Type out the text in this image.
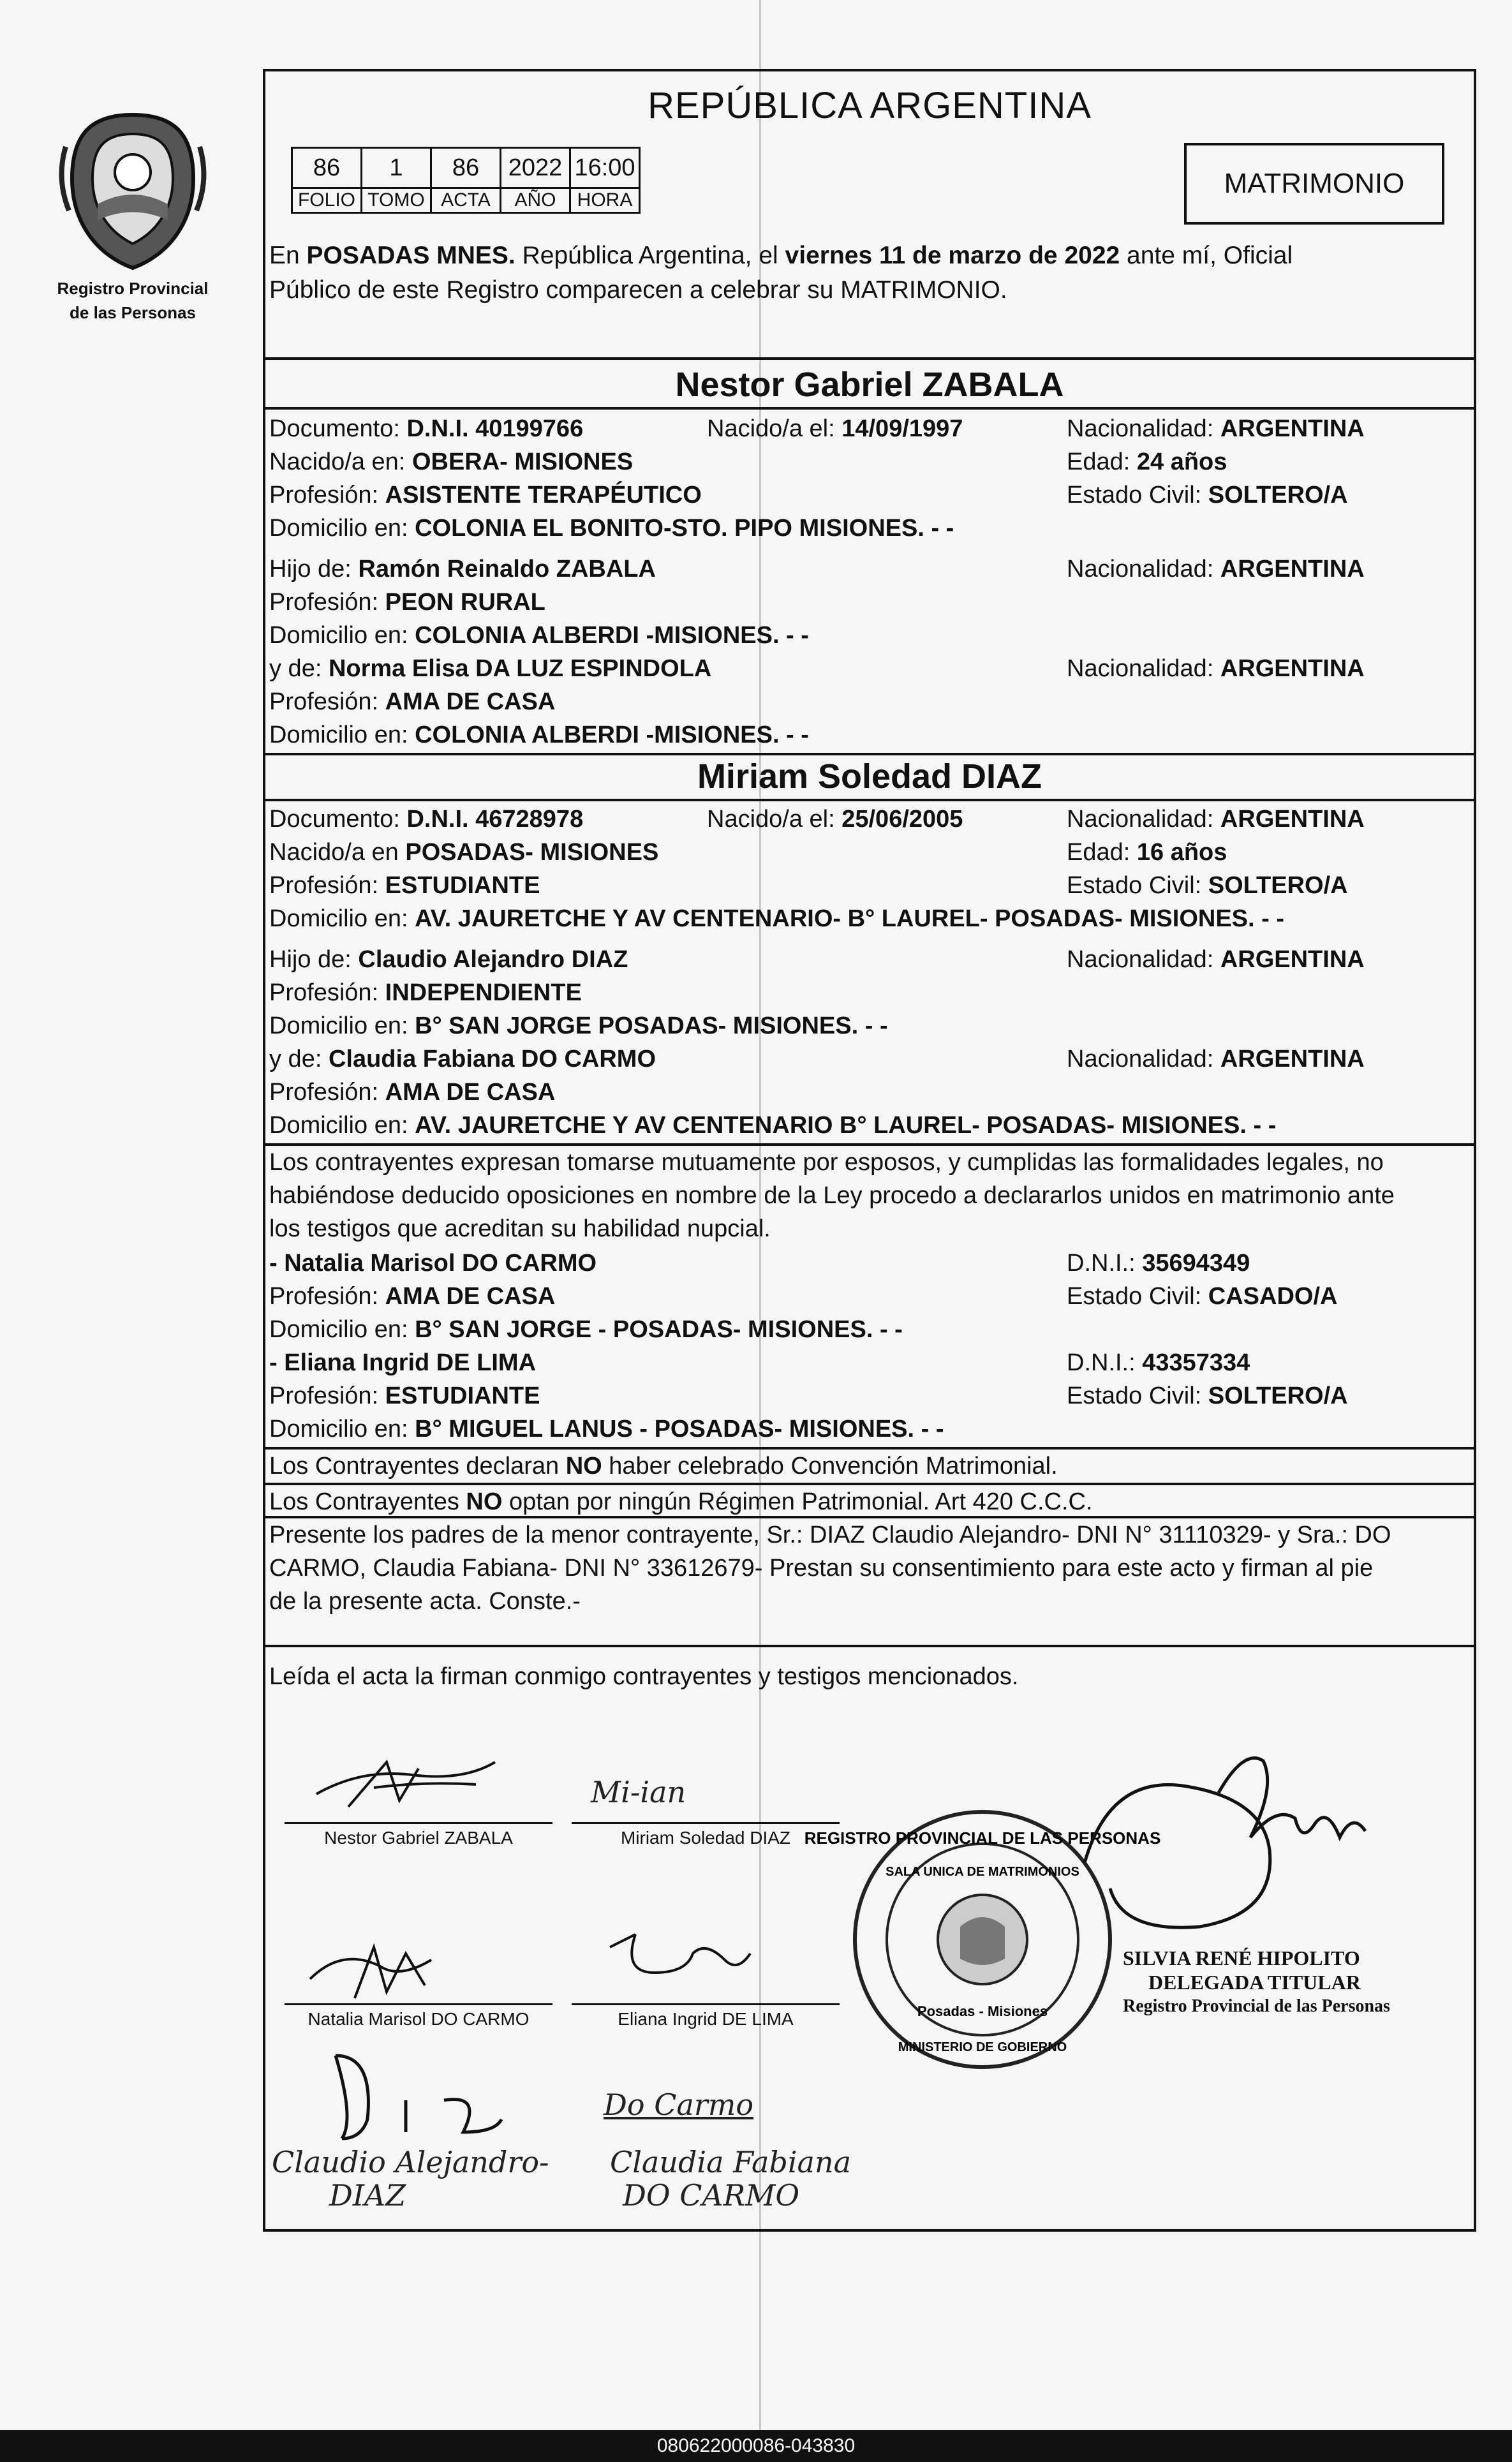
Registro Provincial
de las Personas
REPÚBLICA ARGENTINA
86	1	86	2022	16:00
FOLIO	TOMO	ACTA	AÑO	HORA
MATRIMONIO
En POSADAS MNES. República Argentina, el viernes 11 de marzo de 2022 ante mí, Oficial
Público de este Registro comparecen a celebrar su MATRIMONIO.
Nestor Gabriel ZABALA
Documento: D.N.I. 40199766	Nacido/a el: 14/09/1997	Nacionalidad: ARGENTINA
Nacido/a en: OBERA- MISIONES	Edad: 24 años
Profesión: ASISTENTE TERAPÉUTICO	Estado Civil: SOLTERO/A
Domicilio en: COLONIA EL BONITO-STO. PIPO MISIONES. - -
Hijo de: Ramón Reinaldo ZABALA	Nacionalidad: ARGENTINA
Profesión: PEON RURAL
Domicilio en: COLONIA ALBERDI -MISIONES. - -
y de: Norma Elisa DA LUZ ESPINDOLA	Nacionalidad: ARGENTINA
Profesión: AMA DE CASA
Domicilio en: COLONIA ALBERDI -MISIONES. - -
Miriam Soledad DIAZ
Documento: D.N.I. 46728978	Nacido/a el: 25/06/2005	Nacionalidad: ARGENTINA
Nacido/a en POSADAS- MISIONES	Edad: 16 años
Profesión: ESTUDIANTE	Estado Civil: SOLTERO/A
Domicilio en: AV. JAURETCHE Y AV CENTENARIO- B° LAUREL- POSADAS- MISIONES. - -
Hijo de: Claudio Alejandro DIAZ	Nacionalidad: ARGENTINA
Profesión: INDEPENDIENTE
Domicilio en: B° SAN JORGE POSADAS- MISIONES. - -
y de: Claudia Fabiana DO CARMO	Nacionalidad: ARGENTINA
Profesión: AMA DE CASA
Domicilio en: AV. JAURETCHE Y AV CENTENARIO B° LAUREL- POSADAS- MISIONES. - -
Los contrayentes expresan tomarse mutuamente por esposos, y cumplidas las formalidades legales, no
habiéndose deducido oposiciones en nombre de la Ley procedo a declararlos unidos en matrimonio ante
los testigos que acreditan su habilidad nupcial.
- Natalia Marisol DO CARMO	D.N.I.: 35694349
Profesión: AMA DE CASA	Estado Civil: CASADO/A
Domicilio en: B° SAN JORGE - POSADAS- MISIONES. - -
- Eliana Ingrid DE LIMA	D.N.I.: 43357334
Profesión: ESTUDIANTE	Estado Civil: SOLTERO/A
Domicilio en: B° MIGUEL LANUS - POSADAS- MISIONES. - -
Los Contrayentes declaran NO haber celebrado Convención Matrimonial.
Los Contrayentes NO optan por ningún Régimen Patrimonial. Art 420 C.C.C.
Presente los padres de la menor contrayente, Sr.: DIAZ Claudio Alejandro- DNI N° 31110329- y Sra.: DO
CARMO, Claudia Fabiana- DNI N° 33612679- Prestan su consentimiento para este acto y firman al pie
de la presente acta. Conste.-
Leída el acta la firman conmigo contrayentes y testigos mencionados.
Nestor Gabriel ZABALA
Mi-ian
Miriam Soledad DIAZ
Natalia Marisol DO CARMO	Eliana Ingrid DE LIMA
Claudio Alejandro-
DIAZ
Do Carmo
Claudia Fabiana
DO CARMO
REGISTRO PROVINCIAL DE LAS PERSONAS
SALA UNICA DE MATRIMONIOS
Posadas - Misiones
MINISTERIO DE GOBIERNO
SILVIA RENÉ HIPOLITO
DELEGADA TITULAR
Registro Provincial de las Personas
080622000086-043830
